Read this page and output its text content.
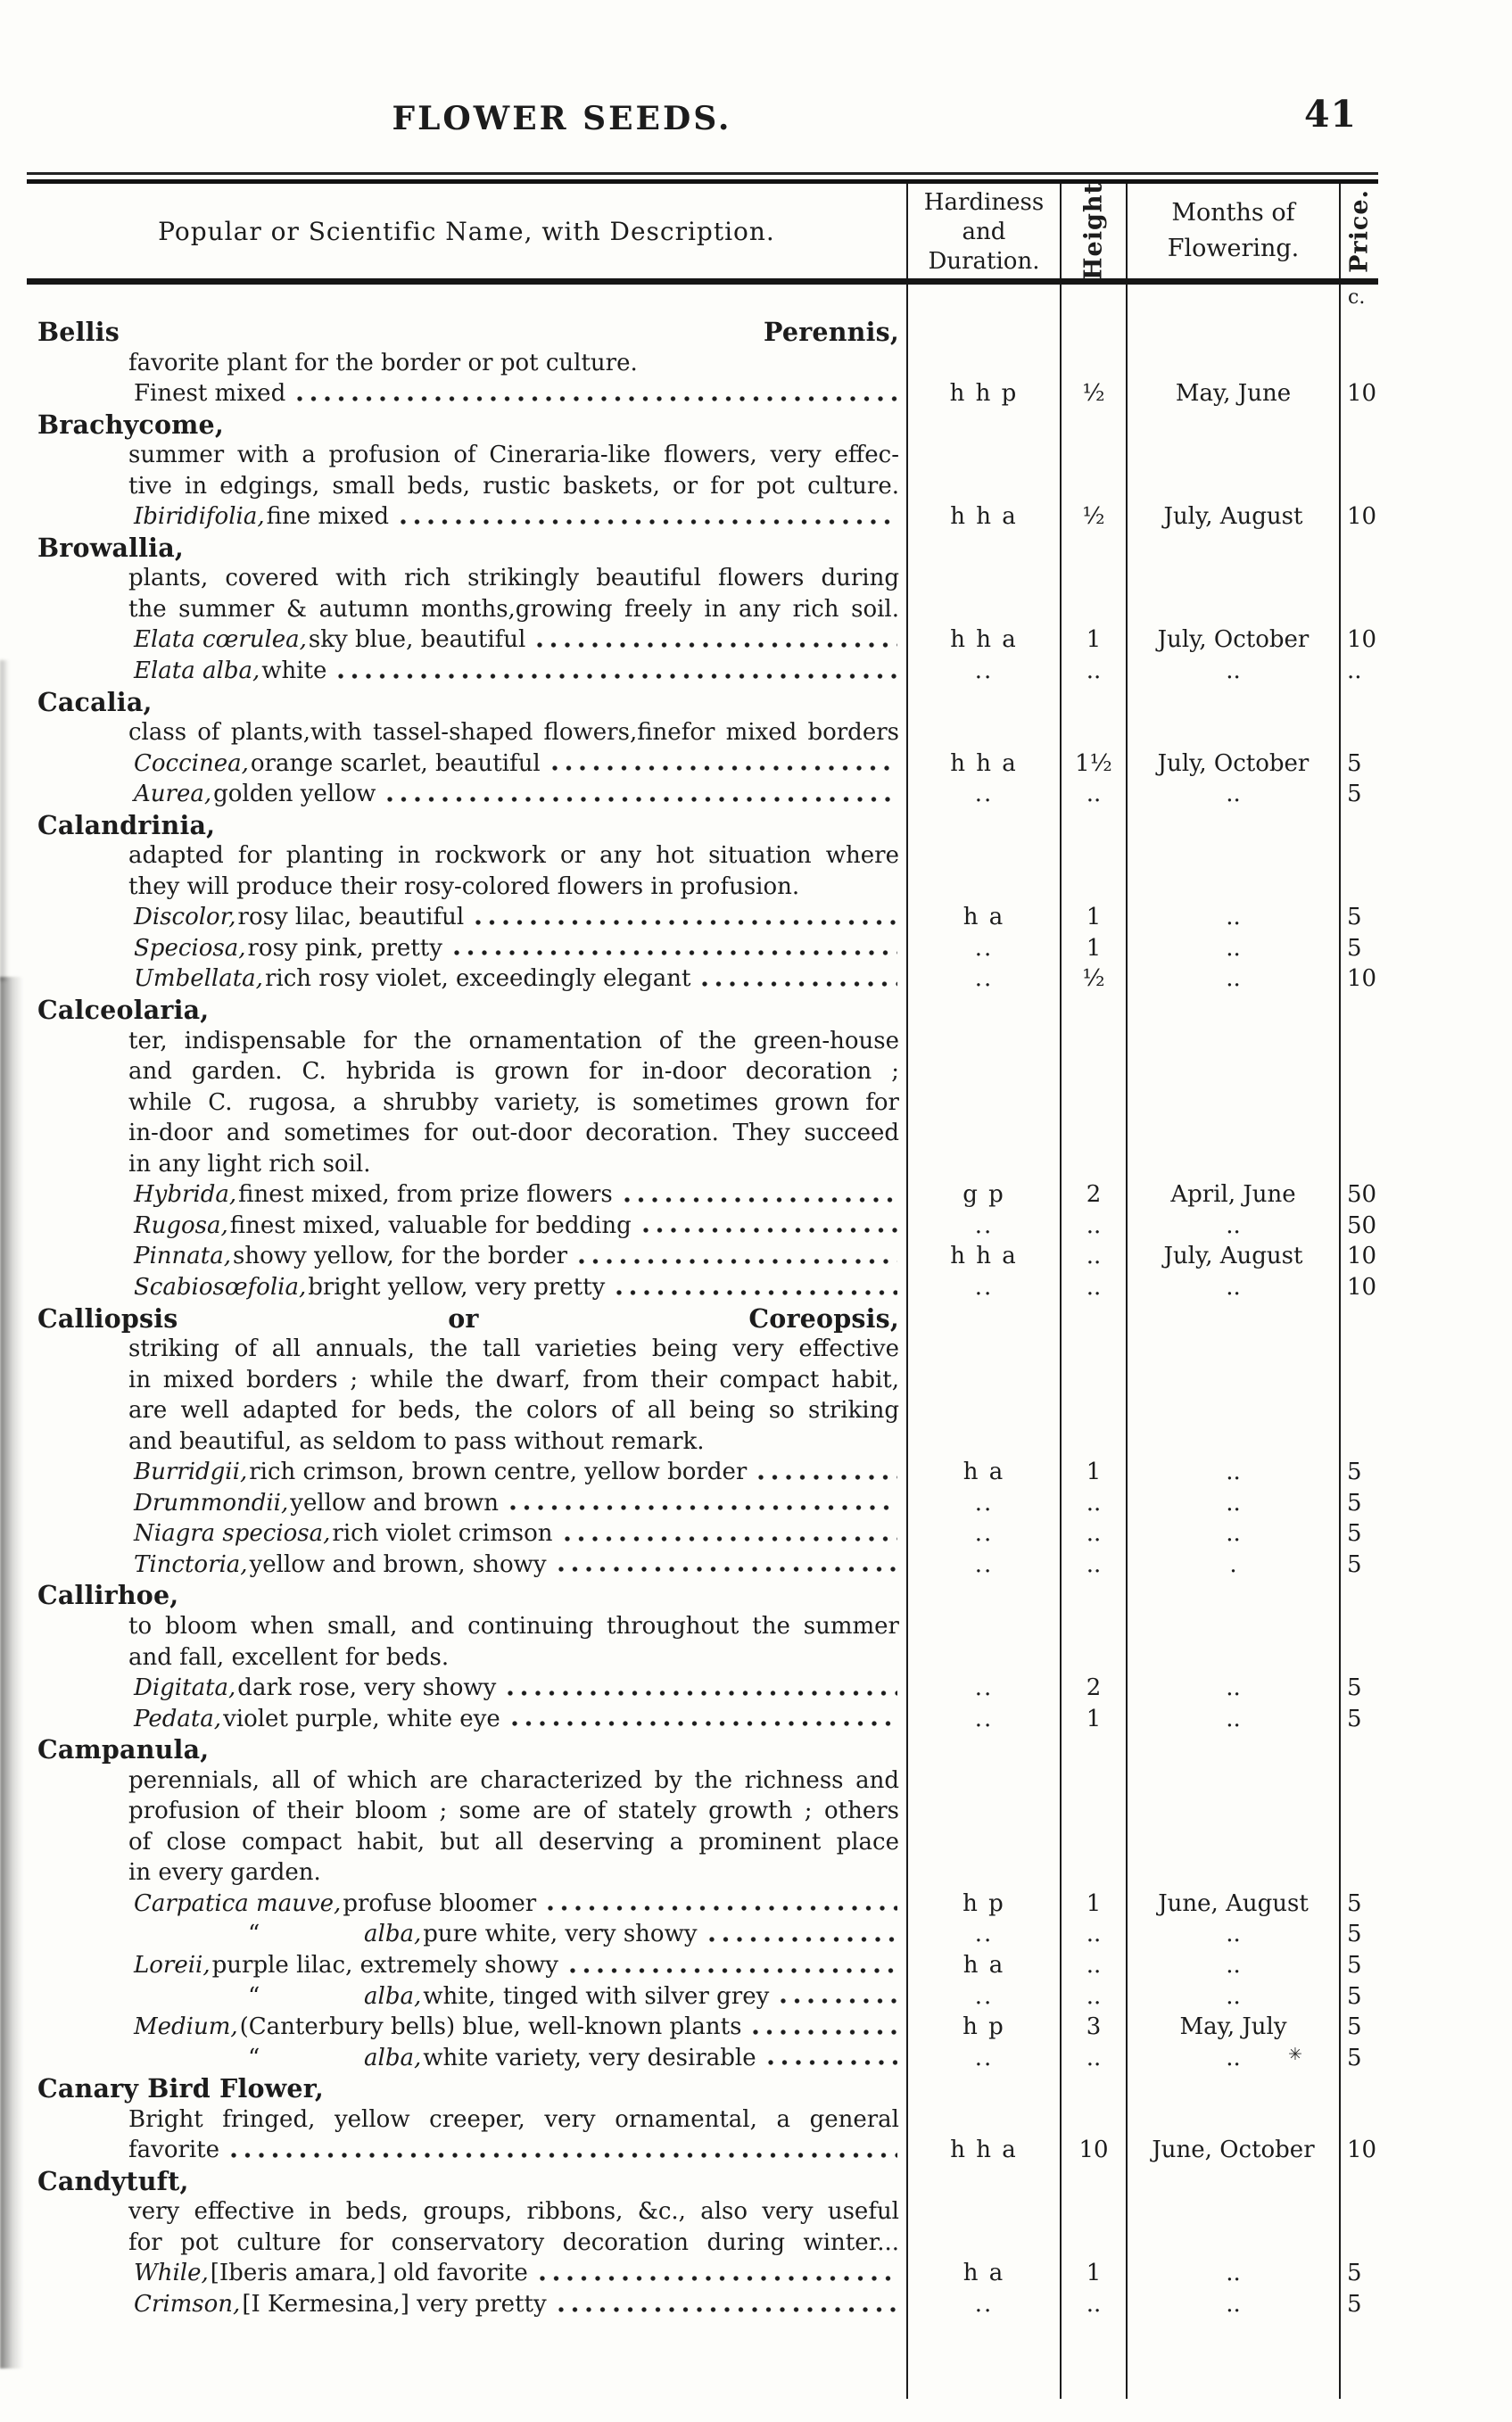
FLOWER SEEDS.	41
Popular or Scientific Name, with Description.
Hardiness
and
Duration.	Height	Months of
Flowering.	Price.
c.
Bellis Perennis,
favorite plant for the border or pot culture.
Finest mixed	h h p	½	May, June	10
Brachycome,
summer with a profusion of Cineraria-like flowers, very effec-
tive in edgings, small beds, rustic baskets, or for pot culture.
Ibiridifolia, fine mixed	h h a	½	July, August	10
Browallia,
plants, covered with rich strikingly beautiful flowers during
the summer & autumn months,growing freely in any rich soil.
Elata cœrulea, sky blue, beautiful	h h a	1	July, October	10
Elata alba, white	..	..	..	..
Cacalia,
class of plants,with tassel-shaped flowers,finefor mixed borders
Coccinea, orange scarlet, beautiful	h h a	1½	July, October	5
Aurea, golden yellow	..	..	..	5
Calandrinia,
adapted for planting in rockwork or any hot situation where
they will produce their rosy-colored flowers in profusion.
Discolor, rosy lilac, beautiful	h a	1	..	5
Speciosa, rosy pink, pretty	..	1	..	5
Umbellata, rich rosy violet, exceedingly elegant	..	½	..	10
Calceolaria,
ter, indispensable for the ornamentation of the green-house
and garden. C. hybrida is grown for in-door decoration ;
while C. rugosa, a shrubby variety, is sometimes grown for
in-door and sometimes for out-door decoration. They succeed
in any light rich soil.
Hybrida, finest mixed, from prize flowers	g p	2	April, June	50
Rugosa, finest mixed, valuable for bedding	..	..	..	50
Pinnata, showy yellow, for the border	h h a	..	July, August	10
Scabiosœfolia, bright yellow, very pretty	..	..	..	10
Calliopsis or Coreopsis,
striking of all annuals, the tall varieties being very effective
in mixed borders ; while the dwarf, from their compact habit,
are well adapted for beds, the colors of all being so striking
and beautiful, as seldom to pass without remark.
Burridgii, rich crimson, brown centre, yellow border	h a	1	..	5
Drummondii, yellow and brown	..	..	..	5
Niagra speciosa, rich violet crimson	..	..	..	5
Tinctoria, yellow and brown, showy	..	..	.	5
Callirhoe,
to bloom when small, and continuing throughout the summer
and fall, excellent for beds.
Digitata, dark rose, very showy	..	2	..	5
Pedata, violet purple, white eye	..	1	..	5
Campanula,
perennials, all of which are characterized by the richness and
profusion of their bloom ; some are of stately growth ; others
of close compact habit, but all deserving a prominent place
in every garden.
Carpatica mauve, profuse bloomer	h p	1	June, August	5
“	alba, pure white, very showy	..	..	..	5
Loreii, purple lilac, extremely showy	h a	..	..	5
“	alba, white, tinged with silver grey	..	..	..	5
Medium, (Canterbury bells) blue, well-known plants	h p	3	May, July	5
“	alba, white variety, very desirable	..	..	..	5
Canary Bird Flower,
Bright fringed, yellow creeper, very ornamental, a general
favorite	h h a	10	June, October	10
Candytuft,
very effective in beds, groups, ribbons, &c., also very useful
for pot culture for conservatory decoration during winter...
While, [Iberis amara,] old favorite	h a	1	..	5
Crimson, [I Kermesina,] very pretty	..	..	..	5
✳
